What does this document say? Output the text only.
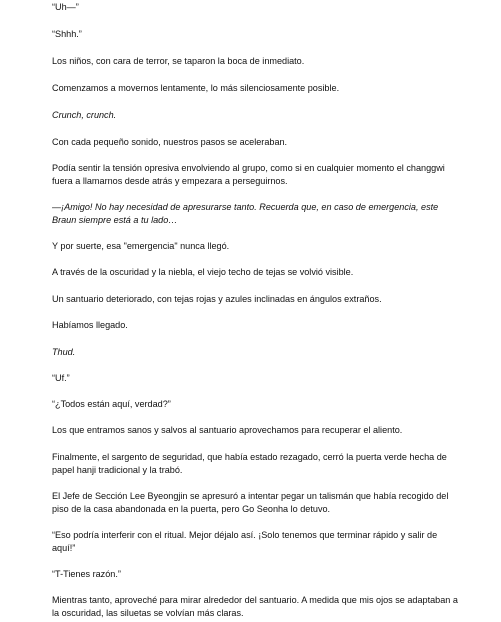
“Uh—”

“Shhh.”

Los niños, con cara de terror, se taparon la boca de inmediato.

Comenzamos a movernos lentamente, lo más silenciosamente posible.

Crunch, crunch.

Con cada pequeño sonido, nuestros pasos se aceleraban.

Podía sentir la tensión opresiva envolviendo al grupo, como si en cualquier momento el changgwi fuera a llamarnos desde atrás y empezara a perseguirnos.

—¡Amigo! No hay necesidad de apresurarse tanto. Recuerda que, en caso de emergencia, este Braun siempre está a tu lado…

Y por suerte, esa "emergencia" nunca llegó.

A través de la oscuridad y la niebla, el viejo techo de tejas se volvió visible.

Un santuario deteriorado, con tejas rojas y azules inclinadas en ángulos extraños.

Habíamos llegado.

Thud.

“Uf.”

“¿Todos están aquí, verdad?”

Los que entramos sanos y salvos al santuario aprovechamos para recuperar el aliento.

Finalmente, el sargento de seguridad, que había estado rezagado, cerró la puerta verde hecha de papel hanji tradicional y la trabó.

El Jefe de Sección Lee Byeongjin se apresuró a intentar pegar un talismán que había recogido del piso de la casa abandonada en la puerta, pero Go Seonha lo detuvo.

“Eso podría interferir con el ritual. Mejor déjalo así. ¡Solo tenemos que terminar rápido y salir de aquí!”

“T-Tienes razón.”

Mientras tanto, aproveché para mirar alrededor del santuario. A medida que mis ojos se adaptaban a la oscuridad, las siluetas se volvían más claras.
